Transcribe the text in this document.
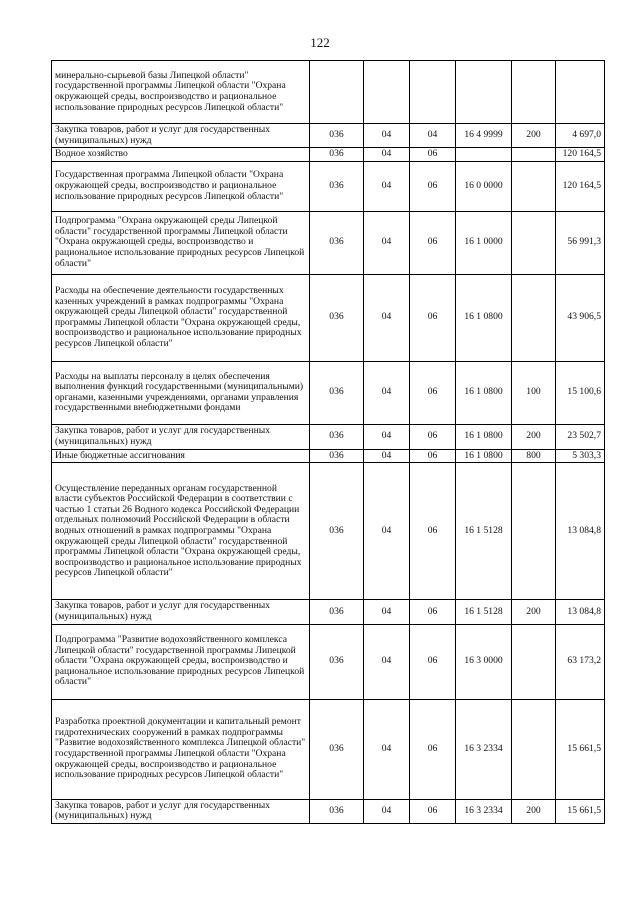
122
минерально-сырьевой базы Липецкой области" государственной программы Липецкой области "Охрана окружающей среды, воспроизводство и рациональное использование природных ресурсов Липецкой области"						
Закупка товаров, работ и услуг для государственных (муниципальных) нужд	036	04	04	16 4 9999	200	4 697,0
Водное хозяйство	036	04	06			120 164,5
Государственная программа Липецкой области "Охрана окружающей среды, воспроизводство и рациональное использование природных ресурсов Липецкой области"	036	04	06	16 0 0000		120 164,5
Подпрограмма "Охрана окружающей среды Липецкой области" государственной программы Липецкой области "Охрана окружающей среды, воспроизводство и рациональное использование природных ресурсов Липецкой области"	036	04	06	16 1 0000		56 991,3
Расходы на обеспечение деятельности государственных казенных учреждений в рамках подпрограммы "Охрана окружающей среды Липецкой области" государственной программы Липецкой области "Охрана окружающей среды, воспроизводство и рациональное использование природных ресурсов Липецкой области"	036	04	06	16 1 0800		43 906,5
Расходы на выплаты персоналу в целях обеспечения выполнения функций государственными (муниципальными) органами, казенными учреждениями, органами управления государственными внебюджетными фондами	036	04	06	16 1 0800	100	15 100,6
Закупка товаров, работ и услуг для государственных (муниципальных) нужд	036	04	06	16 1 0800	200	23 502,7
Иные бюджетные ассигнования	036	04	06	16 1 0800	800	5 303,3
Осуществление переданных органам государственной власти субъектов Российской Федерации в соответствии с частью 1 статьи 26 Водного кодекса Российской Федерации отдельных полномочий Российской Федерации в области водных отношений в рамках подпрограммы "Охрана окружающей среды Липецкой области" государственной программы Липецкой области "Охрана окружающей среды, воспроизводство и рациональное использование природных ресурсов Липецкой области"	036	04	06	16 1 5128		13 084,8
Закупка товаров, работ и услуг для государственных (муниципальных) нужд	036	04	06	16 1 5128	200	13 084,8
Подпрограмма "Развитие водохозяйственного комплекса Липецкой области" государственной программы Липецкой области "Охрана окружающей среды, воспроизводство и рациональное использование природных ресурсов Липецкой области"	036	04	06	16 3 0000		63 173,2
Разработка проектной документации и капитальный ремонт гидротехнических сооружений в рамках подпрограммы "Развитие водохозяйственного комплекса Липецкой области" государственной программы Липецкой области "Охрана окружающей среды, воспроизводство и рациональное использование природных ресурсов Липецкой области"	036	04	06	16 3 2334		15 661,5
Закупка товаров, работ и услуг для государственных (муниципальных) нужд	036	04	06	16 3 2334	200	15 661,5
